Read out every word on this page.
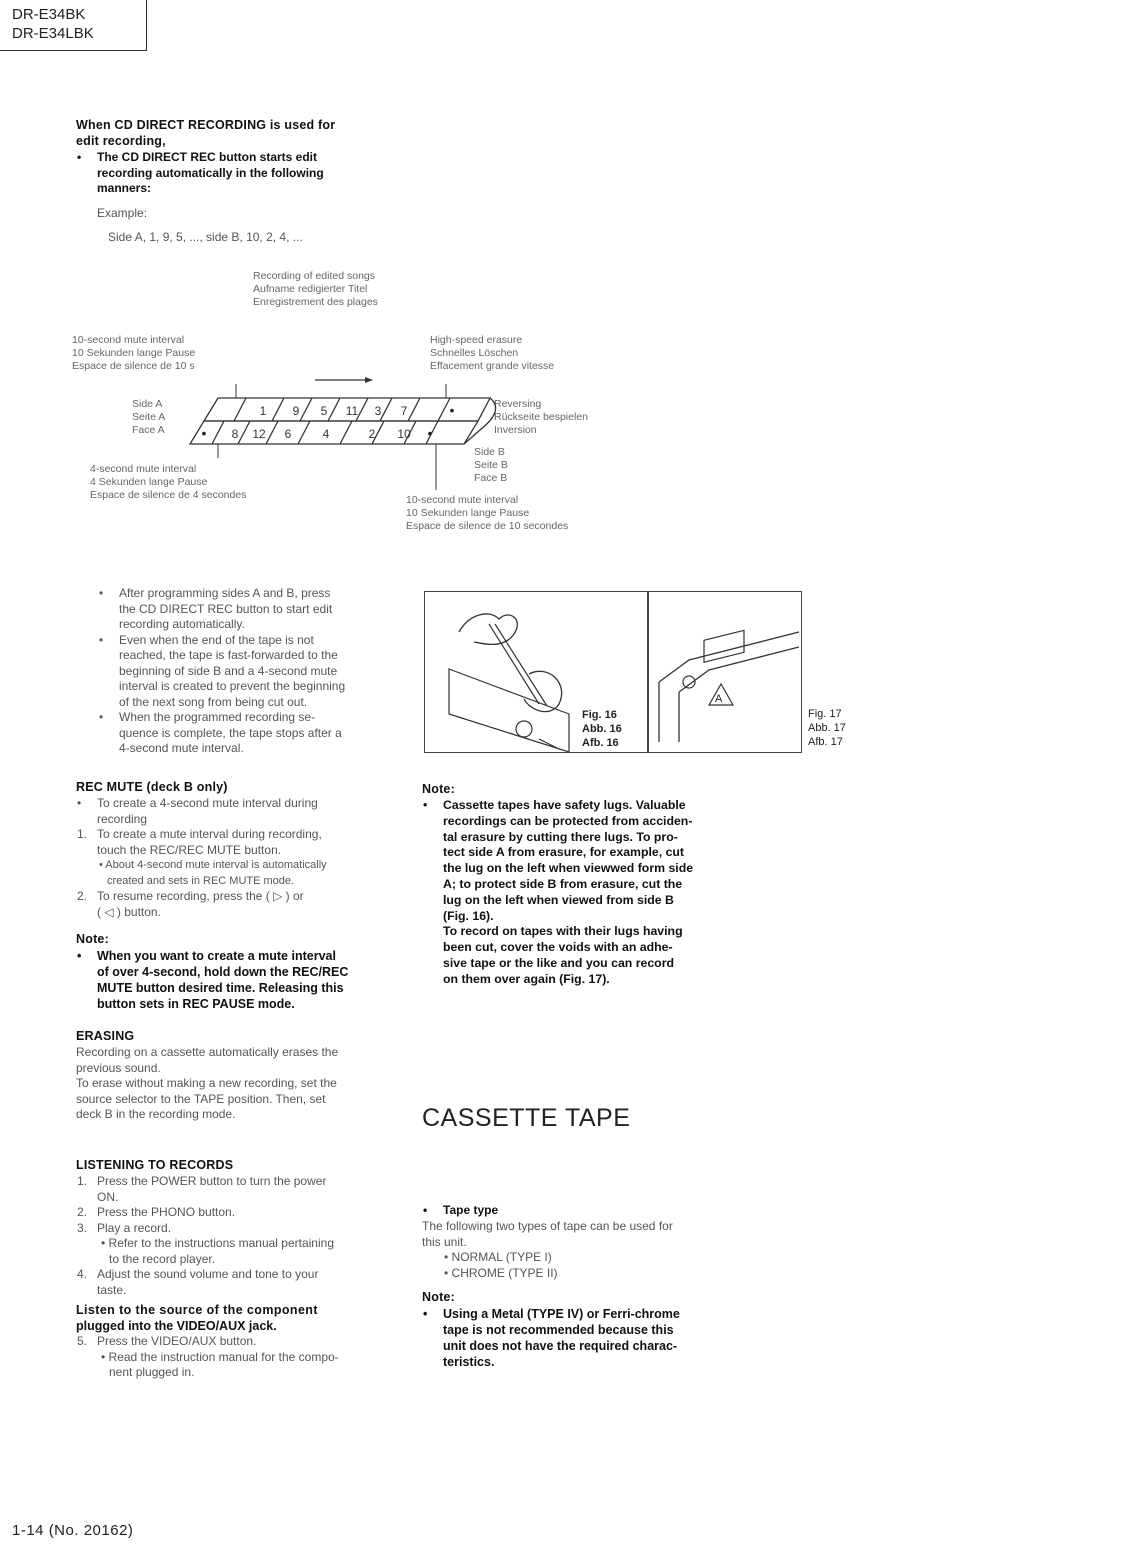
DR-E34BK
DR-E34LBK
When CD DIRECT RECORDING is used for
edit recording,
• The CD DIRECT REC button starts edit
recording automatically in the following
manners:
Example:
Side A, 1, 9, 5, ..., side B, 10, 2, 4, ...
Recording of edited songs
Aufname redigierter Titel
Enregistrement des plages
10-second mute interval
10 Sekunden lange Pause
Espace de silence de 10 s
High-speed erasure
Schnelles Löschen
Effacement grande vitesse
Side A
Seite A
Face A
Reversing
Rückseite bespielen
Inversion
Side B
Seite B
Face B
4-second mute interval
4 Sekunden lange Pause
Espace de silence de 4 secondes	10-second mute interval
10 Sekunden lange Pause
Espace de silence de 10 secondes
1 9 5 11 3 7	•
• 8 12 6	4	2 10 •
• After programming sides A and B, press
the CD DIRECT REC button to start edit
recording automatically.
• Even when the end of the tape is not
reached, the tape is fast-forwarded to the
beginning of side B and a 4-second mute
interval is created to prevent the beginning
of the next song from being cut out.
• When the programmed recording se-
quence is complete, the tape stops after a
4-second mute interval.
REC MUTE (deck B only)
• To create a 4-second mute interval during
recording
1. To create a mute interval during recording,
touch the REC/REC MUTE button.
• About 4-second mute interval is automatically
created and sets in REC MUTE mode.
2. To resume recording, press the ( ▷ ) or
( ◁ ) button.
Note:
• When you want to create a mute interval
of over 4-second, hold down the REC/REC
MUTE button desired time. Releasing this
button sets in REC PAUSE mode.
ERASING
Recording on a cassette automatically erases the
previous sound.
To erase without making a new recording, set the
source selector to the TAPE position. Then, set
deck B in the recording mode.
LISTENING TO RECORDS
1. Press the POWER button to turn the power
ON.
2. Press the PHONO button.
3. Play a record.
• Refer to the instructions manual pertaining
to the record player.
4. Adjust the sound volume and tone to your
taste.
Listen to the source of the component
plugged into the VIDEO/AUX jack.
5. Press the VIDEO/AUX button.
• Read the instruction manual for the compo-
nent plugged in.
Fig. 16
Abb. 16
Afb. 16
A
Fig. 17
Abb. 17
Afb. 17
Note:
• Cassette tapes have safety lugs. Valuable
recordings can be protected from acciden-
tal erasure by cutting there lugs. To pro-
tect side A from erasure, for example, cut
the lug on the left when viewwed form side
A; to protect side B from erasure, cut the
lug on the left when viewed from side B
(Fig. 16).
To record on tapes with their lugs having
been cut, cover the voids with an adhe-
sive tape or the like and you can record
on them over again (Fig. 17).
CASSETTE TAPE
• Tape type
The following two types of tape can be used for
this unit.
• NORMAL (TYPE I)
• CHROME (TYPE II)
Note:
• Using a Metal (TYPE IV) or Ferri-chrome
tape is not recommended because this
unit does not have the required charac-
teristics.
1-14 (No. 20162)
